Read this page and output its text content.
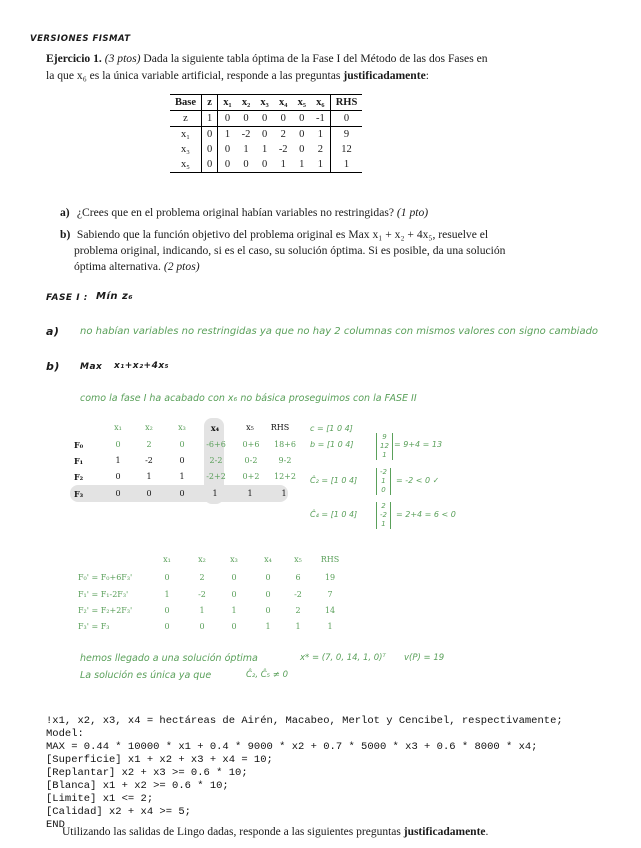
VERSIONES FISMAT
Ejercicio 1. (3 ptos) Dada la siguiente tabla óptima de la Fase I del Método de las dos Fases en
la que x₆ es la única variable artificial, responde a las preguntas justificadamente:
Base	z	x₁	x₂	x₃	x₄	x₅	x₆	RHS
z	1	0	0	0	0	0	-1	0
x₁	0	1	-2	0	2	0	1	9
x₃	0	0	1	1	-2	0	2	12
x₅	0	0	0	0	1	1	1	1
a) ¿Crees que en el problema original habían variables no restringidas? (1 pto)
b) Sabiendo que la función objetivo del problema original es Max x₁ + x₂ + 4x₅, resuelve el
problema original, indicando, si es el caso, su solución óptima. Si es posible, da una solución
óptima alternativa. (2 ptos)
FASE I : Mín z₆
a) no habían variables no restringidas ya que no hay 2 columnas con mismos valores con signo cambiado
b) Max x₁+x₂+4x₅
como la fase I ha acabado con x₆ no básica proseguimos con la FASE II
x₁	x₂	x₃	x₄	x₅	RHS
F₀	0	2	0	-6+6	0+6	18+6
F₁	1	-2	0	2-2	0-2	9-2
F₂	0	1	1	-2+2	0+2	12+2
F₃	0	0	0	1	1	1
c = [1 0 4]
b = [1 0 4]
9
12
1
= 9+4 = 13
Ĉ₂ = [1 0 4]
-2
1
0
= -2 < 0 ✓
Ĉ₄ = [1 0 4]
2
-2
1
= 2+4 = 6 < 0
x₁	x₂	x₃	x₄	x₅	RHS
F₀' = F₀+6F₃'	0	2	0	0	6	19
F₁' = F₁-2F₃'	1	-2	0	0	-2	7
F₂' = F₂+2F₃'	0	1	1	0	2	14
F₃' = F₃	0	0	0	1	1	1
hemos llegado a una solución óptima	x* = (7, 0, 14, 1, 0)ᵀ v(P) = 19
La solución es única ya que	Ĉ₂, Ĉ₅ ≠ 0
!x1, x2, x3, x4 = hectáreas de Airén, Macabeo, Merlot y Cencibel, respectivamente;
Model:
MAX = 0.44 * 10000 * x1 + 0.4 * 9000 * x2 + 0.7 * 5000 * x3 + 0.6 * 8000 * x4;
[Superficie] x1 + x2 + x3 + x4 = 10;
[Replantar] x2 + x3 >= 0.6 * 10;
[Blanca] x1 + x2 >= 0.6 * 10;
[Limite] x1 <= 2;
[Calidad] x2 + x4 >= 5;
END
Utilizando las salidas de Lingo dadas, responde a las siguientes preguntas justificadamente.
